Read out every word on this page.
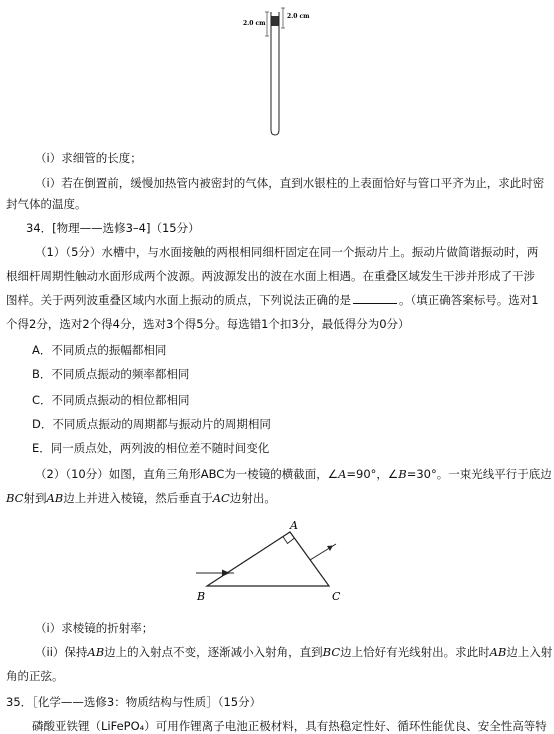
2.0 cm
2.0 cm
（i）求细管的长度；
（i）若在倒置前，缓慢加热管内被密封的气体，直到水银柱的上表面恰好与管口平齐为止，求此时密
封气体的温度。
34．[物理——选修3–4]（15分）
（1）（5分）水槽中，与水面接触的两根相同细杆固定在同一个振动片上。振动片做简谐振动时，两
根细杆周期性触动水面形成两个波源。两波源发出的波在水面上相遇。在重叠区域发生干涉并形成了干涉
图样。关于两列波重叠区域内水面上振动的质点，下列说法正确的是	。（填正确答案标号。选对1
个得2分，选对2个得4分，选对3个得5分。每选错1个扣3分，最低得分为0分）
A．不同质点的振幅都相同
B．不同质点振动的频率都相同
C．不同质点振动的相位都相同
D．不同质点振动的周期都与振动片的周期相同
E．同一质点处，两列波的相位差不随时间变化
（2）（10分）如图，直角三角形ABC为一棱镜的横截面，∠A=90°，∠B=30°。一束光线平行于底边
BC射到AB边上并进入棱镜，然后垂直于AC边射出。
A
B	C
（i）求棱镜的折射率；
（ii）保持AB边上的入射点不变，逐渐减小入射角，直到BC边上恰好有光线射出。求此时AB边上入射
角的正弦。
35．［化学——选修3：物质结构与性质］（15分）
磷酸亚铁锂（LiFePO₄）可用作锂离子电池正极材料，具有热稳定性好、循环性能优良、安全性高等特
